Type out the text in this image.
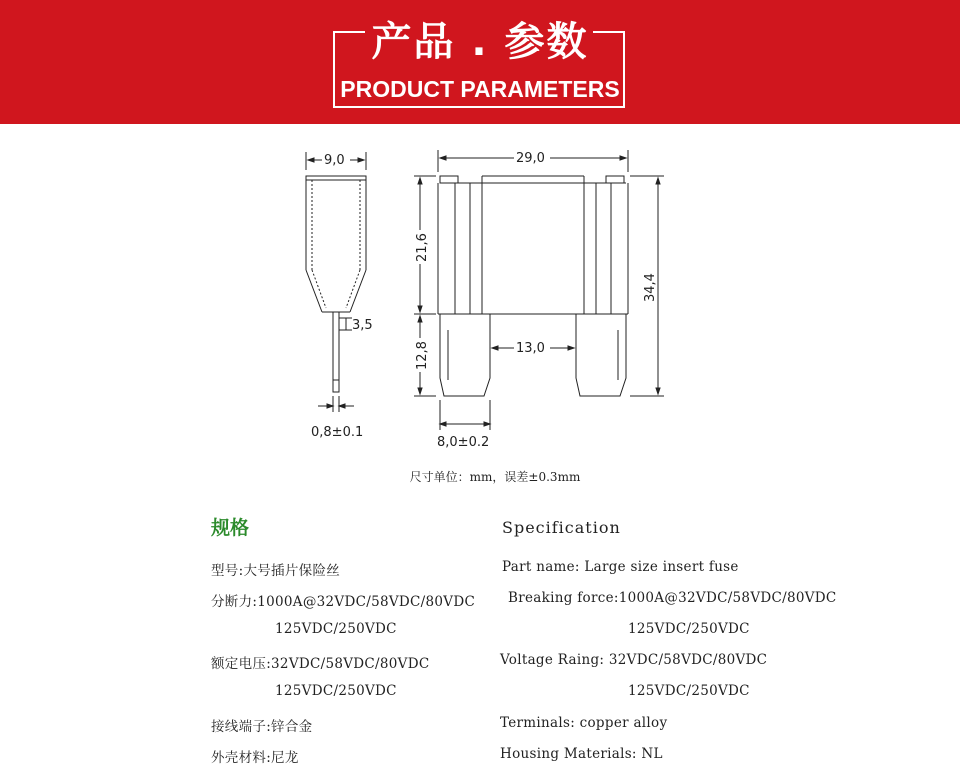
产品 . 参数
PRODUCT PARAMETERS
9,0
3,5
0,8±0.1
29,0
13,0
8,0±0.2
21,6
12,8
34,4
尺寸单位：mm，误差±0.3mm
规格	Specification
型号:大号插片保险丝
分断力:1000A@32VDC/58VDC/80VDC
125VDC/250VDC
额定电压:32VDC/58VDC/80VDC
125VDC/250VDC
接线端子:锌合金
外壳材料:尼龙
Part name: Large size insert fuse
Breaking force:1000A@32VDC/58VDC/80VDC
125VDC/250VDC
Voltage Raing: 32VDC/58VDC/80VDC
125VDC/250VDC
Terminals: copper alloy
Housing Materials: NL
